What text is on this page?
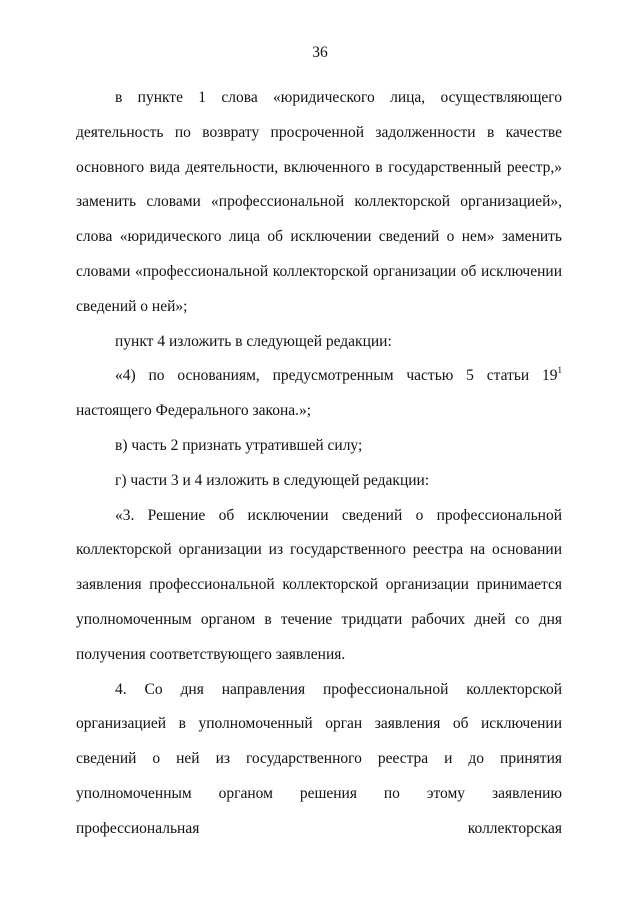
36

в пункте 1 слова «юридического лица, осуществляющего деятельность по возврату просроченной задолженности в качестве основного вида деятельности, включенного в государственный реестр,» заменить словами «профессиональной коллекторской организацией», слова «юридического лица об исключении сведений о нем» заменить словами «профессиональной коллекторской организации об исключении сведений о ней»;

пункт 4 изложить в следующей редакции:

«4) по основаниям, предусмотренным частью 5 статьи $19^1$ настоящего Федерального закона.»;

в) часть 2 признать утратившей силу;

г) части 3 и 4 изложить в следующей редакции:

«3. Решение об исключении сведений о профессиональной коллекторской организации из государственного реестра на основании заявления профессиональной коллекторской организации принимается уполномоченным органом в течение тридцати рабочих дней со дня получения соответствующего заявления.

4. Со дня направления профессиональной коллекторской организацией в уполномоченный орган заявления об исключении сведений о ней из государственного реестра и до принятия уполномоченным органом решения по этому заявлению профессиональная коллекторская
